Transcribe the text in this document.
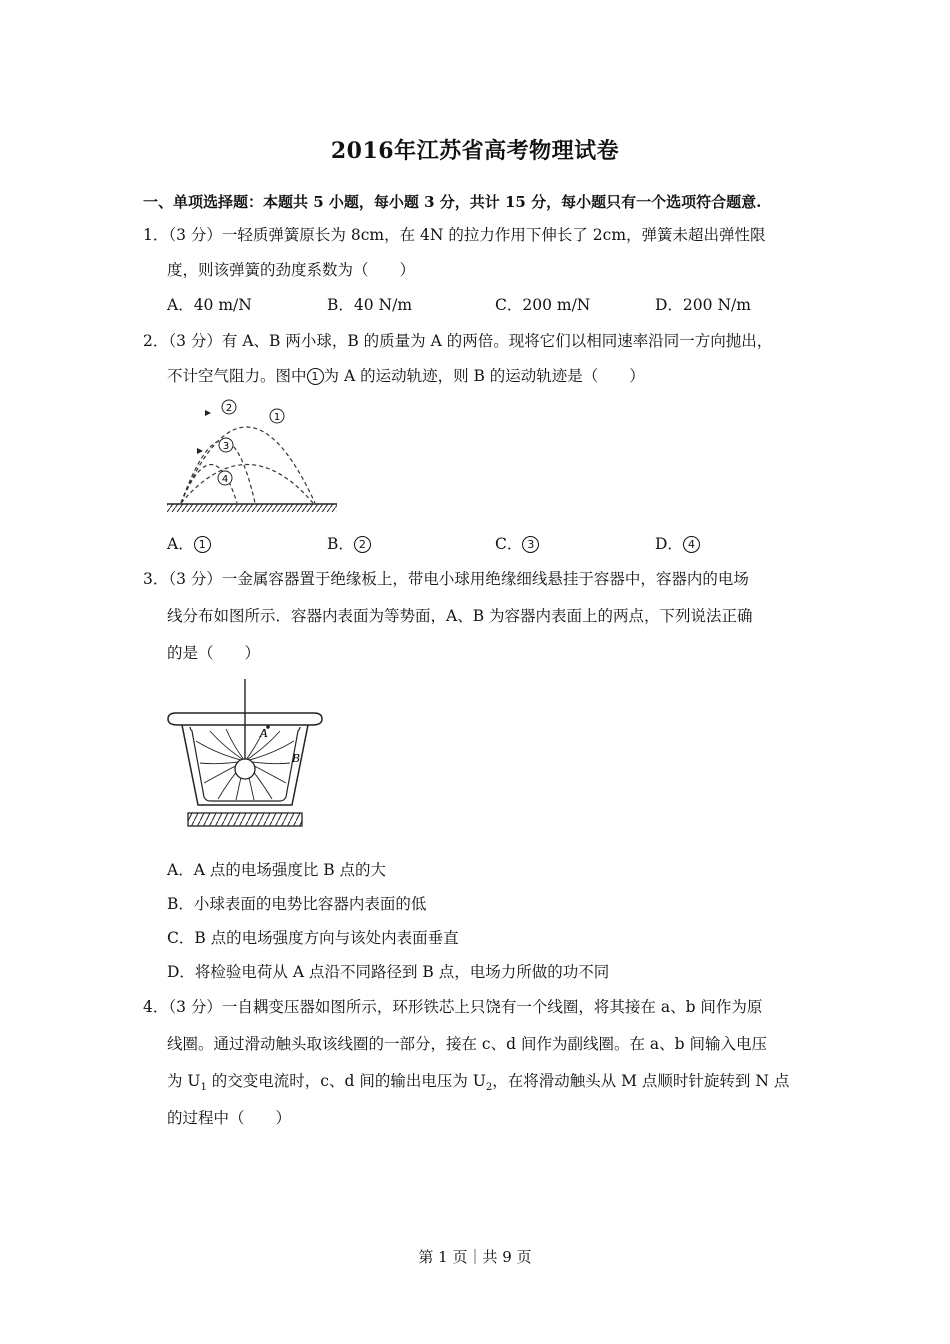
2016年江苏省高考物理试卷
一、单项选择题：本题共 5 小题，每小题 3 分，共计 15 分，每小题只有一个选项符合题意.
1．（3 分）一轻质弹簧原长为 8cm，在 4N 的拉力作用下伸长了 2cm，弹簧未超出弹性限
度，则该弹簧的劲度系数为（　　）
A．40 m/N	B．40 N/m	C．200 m/N	D．200 N/m
2．（3 分）有 A、B 两小球，B 的质量为 A 的两倍。现将它们以相同速率沿同一方向抛出，
不计空气阻力。图中 1 为 A 的运动轨迹，则 B 的运动轨迹是（　　）
2
1
3
4
A． 1	B． 2	C． 3	D． 4
3．（3 分）一金属容器置于绝缘板上，带电小球用绝缘细线悬挂于容器中，容器内的电场
线分布如图所示．容器内表面为等势面，A、B 为容器内表面上的两点，下列说法正确
的是（　　）
A
B
A．A 点的电场强度比 B 点的大
B．小球表面的电势比容器内表面的低
C．B 点的电场强度方向与该处内表面垂直
D．将检验电荷从 A 点沿不同路径到 B 点，电场力所做的功不同
4．（3 分）一自耦变压器如图所示，环形铁芯上只饶有一个线圈，将其接在 a、b 间作为原
线圈。通过滑动触头取该线圈的一部分，接在 c、d 间作为副线圈。在 a、b 间输入电压
为 $U_1$ 的交变电流时，c、d 间的输出电压为 $U_2$，在将滑动触头从 M 点顺时针旋转到 N 点
的过程中（　　）
第 1 页｜共 9 页
